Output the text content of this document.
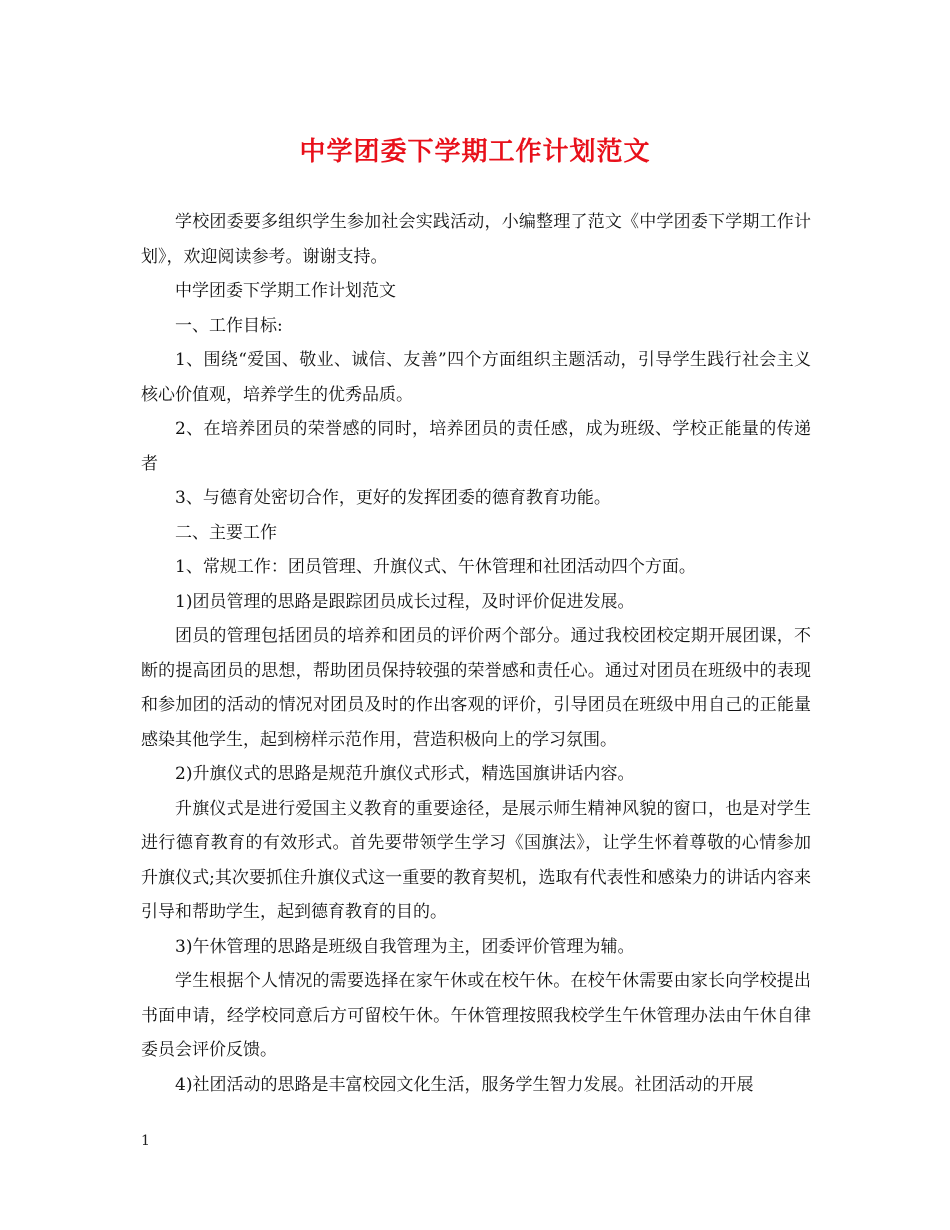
中学团委下学期工作计划范文

学校团委要多组织学生参加社会实践活动，小编整理了范文《中学团委下学期工作计划》，欢迎阅读参考。谢谢支持。

中学团委下学期工作计划范文

一、工作目标:

1、围绕“爱国、敬业、诚信、友善”四个方面组织主题活动，引导学生践行社会主义核心价值观，培养学生的优秀品质。

2、在培养团员的荣誉感的同时，培养团员的责任感，成为班级、学校正能量的传递者

3、与德育处密切合作，更好的发挥团委的德育教育功能。

二、主要工作

1、常规工作：团员管理、升旗仪式、午休管理和社团活动四个方面。

1)团员管理的思路是跟踪团员成长过程，及时评价促进发展。

团员的管理包括团员的培养和团员的评价两个部分。通过我校团校定期开展团课，不断的提高团员的思想，帮助团员保持较强的荣誉感和责任心。通过对团员在班级中的表现和参加团的活动的情况对团员及时的作出客观的评价，引导团员在班级中用自己的正能量感染其他学生，起到榜样示范作用，营造积极向上的学习氛围。

2)升旗仪式的思路是规范升旗仪式形式，精选国旗讲话内容。

升旗仪式是进行爱国主义教育的重要途径，是展示师生精神风貌的窗口，也是对学生进行德育教育的有效形式。首先要带领学生学习《国旗法》，让学生怀着尊敬的心情参加升旗仪式;其次要抓住升旗仪式这一重要的教育契机，选取有代表性和感染力的讲话内容来引导和帮助学生，起到德育教育的目的。

3)午休管理的思路是班级自我管理为主，团委评价管理为辅。

学生根据个人情况的需要选择在家午休或在校午休。在校午休需要由家长向学校提出书面申请，经学校同意后方可留校午休。午休管理按照我校学生午休管理办法由午休自律委员会评价反馈。

4)社团活动的思路是丰富校园文化生活，服务学生智力发展。社团活动的开展

1
